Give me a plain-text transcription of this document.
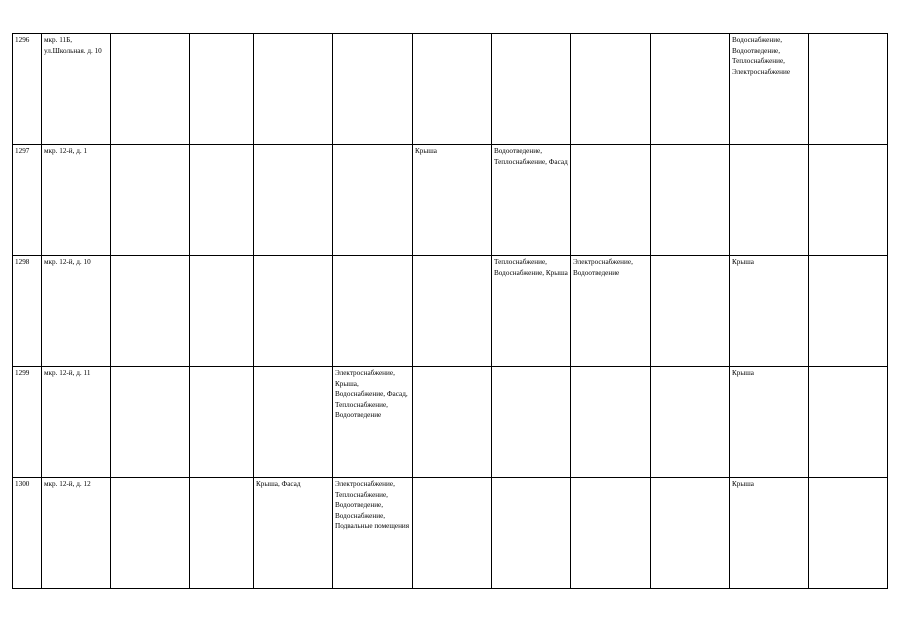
1296	мкр. 11Б, ул.Школьная. д. 10									Водоснабжение, Водоотведение, Теплоснабжение, Электроснабжение	
1297	мкр. 12-й, д. 1					Крыша	Водоотведение, Теплоснабжение, Фасад				
1298	мкр. 12-й, д. 10						Теплоснабжение, Водоснабжение, Крыша	Электроснабжение, Водоотведение		Крыша	
1299	мкр. 12-й, д. 11				Электроснабжение, Крыша, Водоснабжение, Фасад, Теплоснабжение, Водоотведение					Крыша	
1300	мкр. 12-й, д. 12			Крыша, Фасад	Электроснабжение, Теплоснабжение, Водоотведение, Водоснабжение, Подвальные помещения					Крыша	
